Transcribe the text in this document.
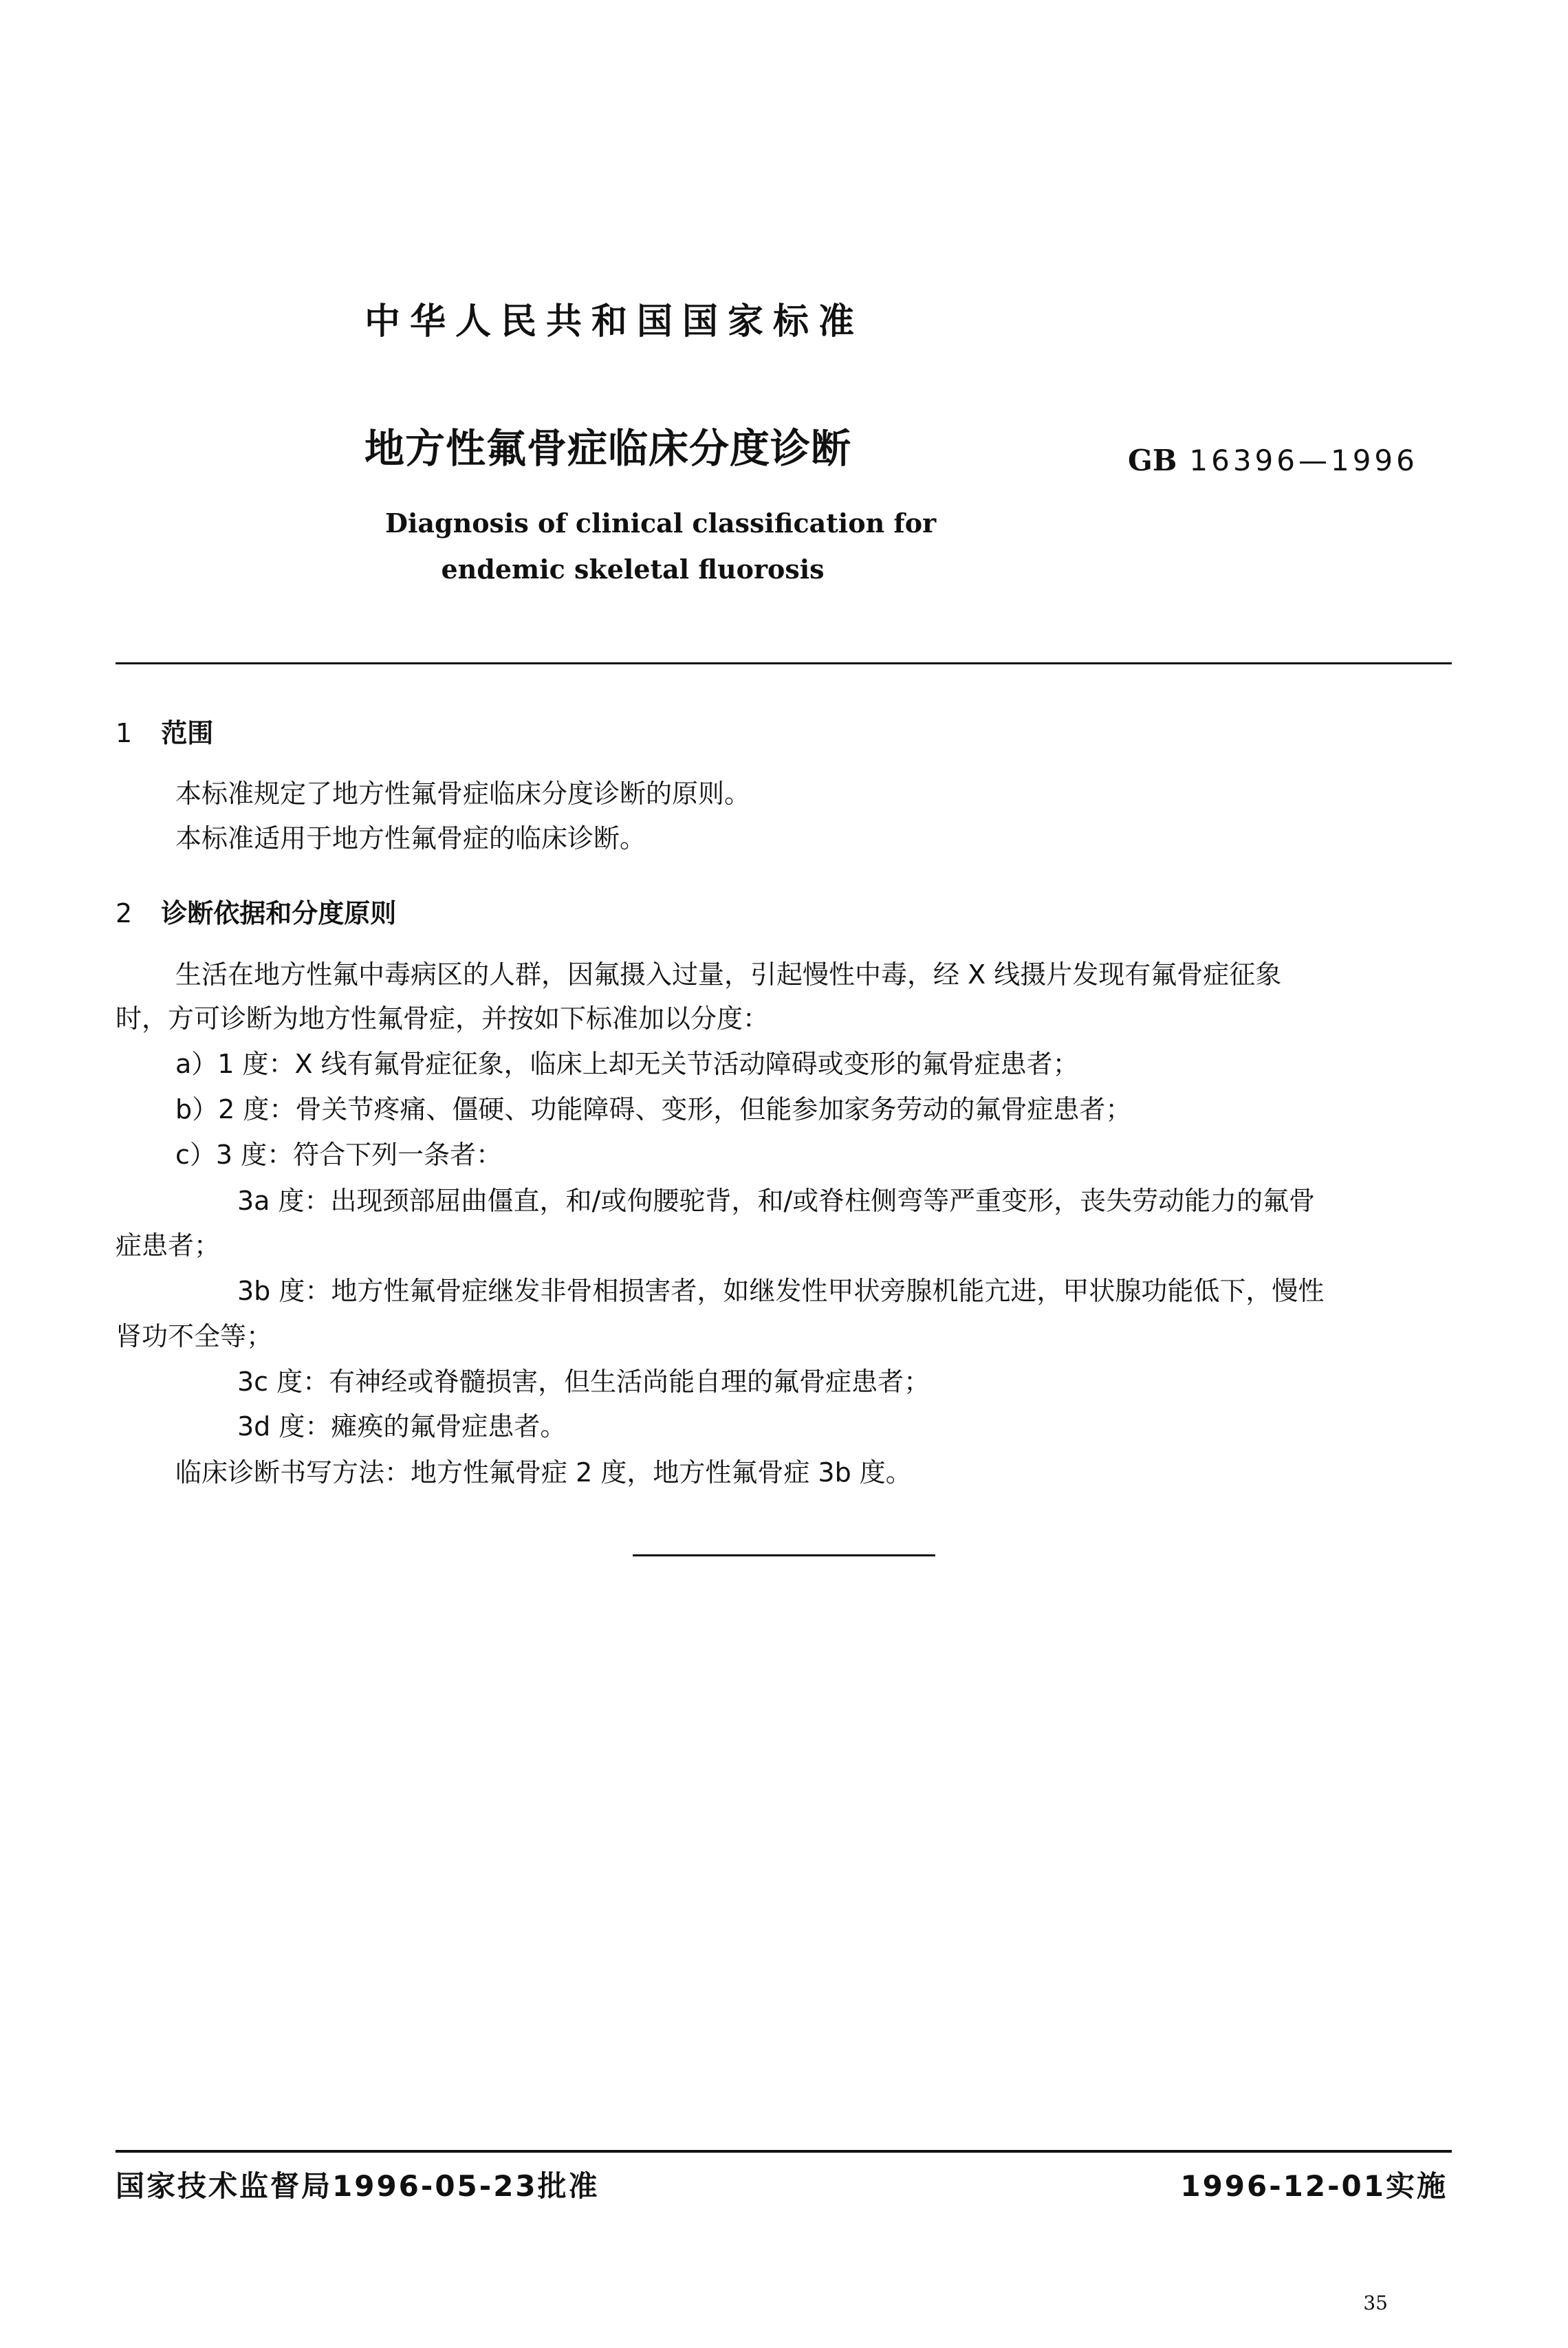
中华人民共和国国家标准
地方性氟骨症临床分度诊断	GB 16396—1996
Diagnosis of clinical classification for
endemic skeletal fluorosis
1 范围
本标准规定了地方性氟骨症临床分度诊断的原则。
本标准适用于地方性氟骨症的临床诊断。
2 诊断依据和分度原则
生活在地方性氟中毒病区的人群，因氟摄入过量，引起慢性中毒，经 X 线摄片发现有氟骨症征象
时，方可诊断为地方性氟骨症，并按如下标准加以分度：
a）1 度：X 线有氟骨症征象，临床上却无关节活动障碍或变形的氟骨症患者；
b）2 度：骨关节疼痛、僵硬、功能障碍、变形，但能参加家务劳动的氟骨症患者；
c）3 度：符合下列一条者：
3a 度：出现颈部屈曲僵直，和/或佝腰驼背，和/或脊柱侧弯等严重变形，丧失劳动能力的氟骨
症患者；
3b 度：地方性氟骨症继发非骨相损害者，如继发性甲状旁腺机能亢进，甲状腺功能低下，慢性
肾功不全等；
3c 度：有神经或脊髓损害，但生活尚能自理的氟骨症患者；
3d 度：瘫痪的氟骨症患者。
临床诊断书写方法：地方性氟骨症 2 度，地方性氟骨症 3b 度。
国家技术监督局1996-05-23批准	1996-12-01实施
35
